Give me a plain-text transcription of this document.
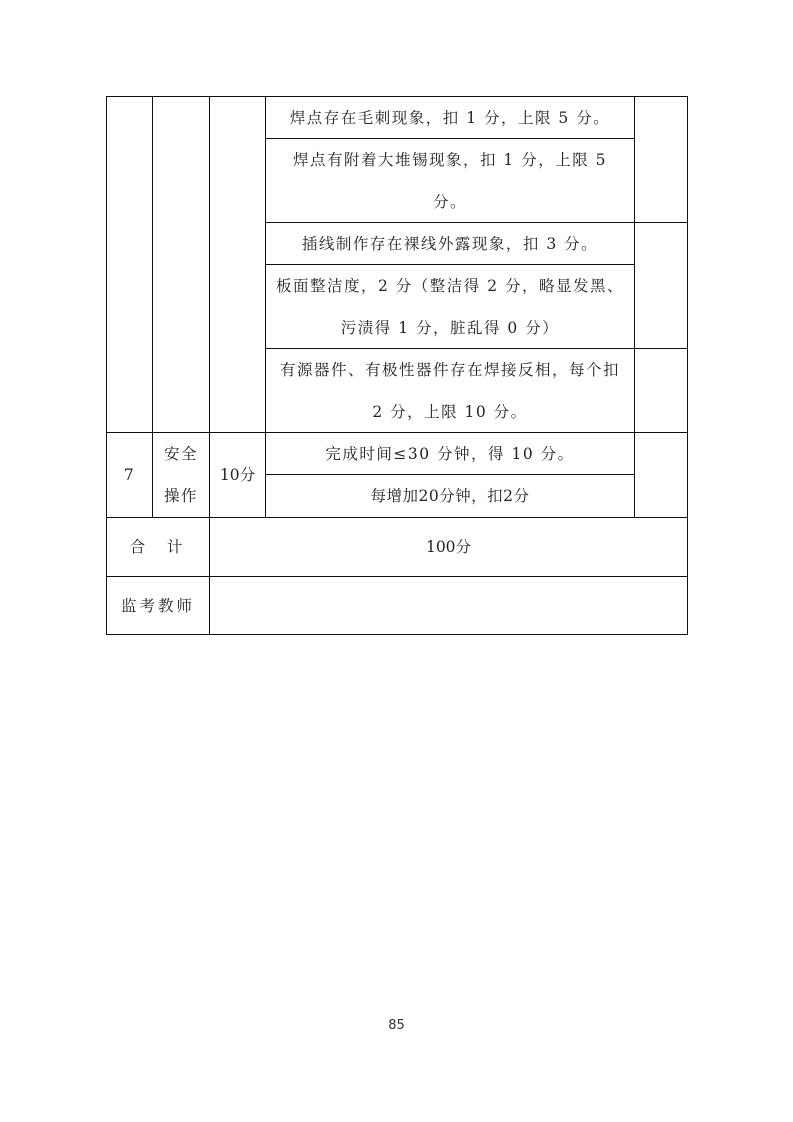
焊点存在毛刺现象，扣 1 分，上限 5 分。
焊点有附着大堆锡现象，扣 1 分，上限 5 分。
插线制作存在裸线外露现象，扣 3 分。
板面整洁度，2 分（整洁得 2 分，略显发黑、污渍得 1 分，脏乱得 0 分）
有源器件、有极性器件存在焊接反相，每个扣 2 分，上限 10 分。
7
安全操作
10分
完成时间≤30 分钟，得 10 分。
每增加20分钟，扣2分
合  计	100分
监考教师
85
